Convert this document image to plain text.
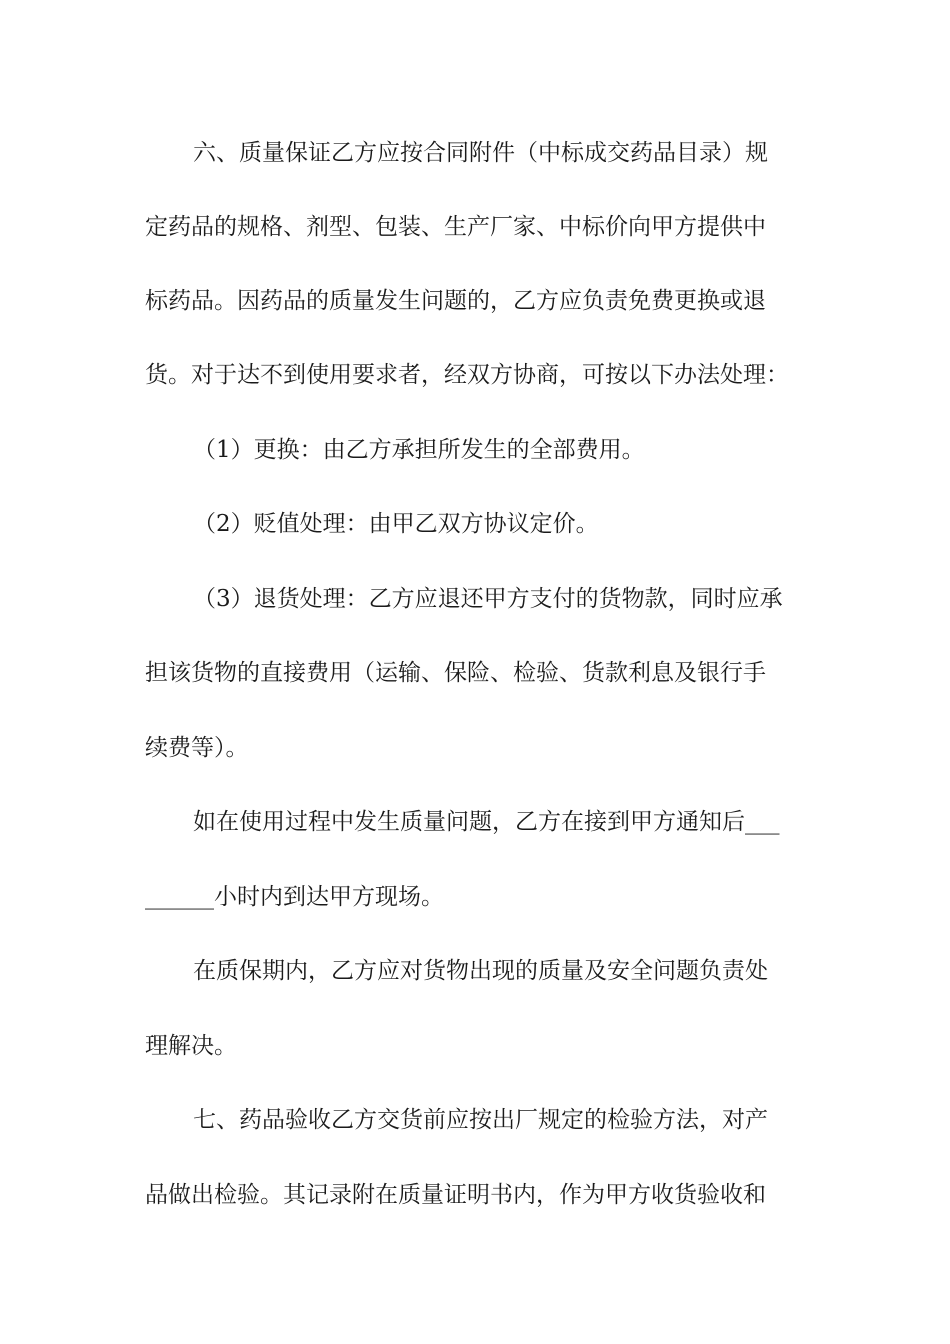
六、质量保证乙方应按合同附件（中标成交药品目录）规
定药品的规格、剂型、包装、生产厂家、中标价向甲方提供中
标药品。因药品的质量发生问题的，乙方应负责免费更换或退
货。对于达不到使用要求者，经双方协商，可按以下办法处理：
（1）更换：由乙方承担所发生的全部费用。
（2）贬值处理：由甲乙双方协议定价。
（3）退货处理：乙方应退还甲方支付的货物款，同时应承
担该货物的直接费用（运输、保险、检验、货款利息及银行手
续费等）。
如在使用过程中发生质量问题，乙方在接到甲方通知后___
______小时内到达甲方现场。
在质保期内，乙方应对货物出现的质量及安全问题负责处
理解决。
七、药品验收乙方交货前应按出厂规定的检验方法，对产
品做出检验。其记录附在质量证明书内，作为甲方收货验收和
